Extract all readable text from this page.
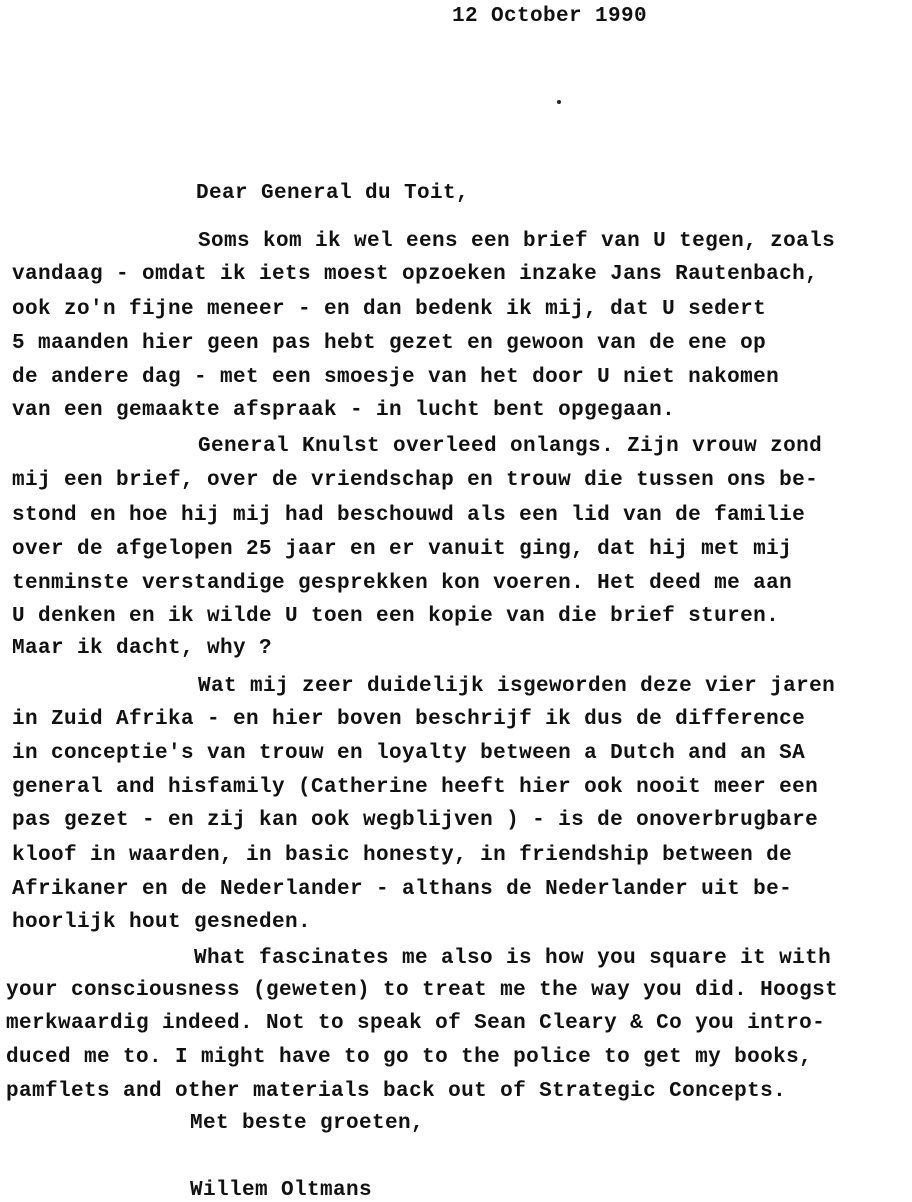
12 October 1990
Dear General du Toit,
Soms kom ik wel eens een brief van U tegen, zoals
vandaag - omdat ik iets moest opzoeken inzake Jans Rautenbach,
ook zo'n fijne meneer - en dan bedenk ik mij, dat U sedert
5 maanden hier geen pas hebt gezet en gewoon van de ene op
de andere dag - met een smoesje van het door U niet nakomen
van een gemaakte afspraak - in lucht bent opgegaan.
General Knulst overleed onlangs. Zijn vrouw zond
mij een brief, over de vriendschap en trouw die tussen ons be-
stond en hoe hij mij had beschouwd als een lid van de familie
over de afgelopen 25 jaar en er vanuit ging, dat hij met mij
tenminste verstandige gesprekken kon voeren. Het deed me aan
U denken en ik wilde U toen een kopie van die brief sturen.
Maar ik dacht, why ?
Wat mij zeer duidelijk isgeworden deze vier jaren
in Zuid Afrika - en hier boven beschrijf ik dus de difference
in conceptie's van trouw en loyalty between a Dutch and an SA
general and hisfamily (Catherine heeft hier ook nooit meer een
pas gezet - en zij kan ook wegblijven ) - is de onoverbrugbare
kloof in waarden, in basic honesty, in friendship between de
Afrikaner en de Nederlander - althans de Nederlander uit be-
hoorlijk hout gesneden.
What fascinates me also is how you square it with
your consciousness (geweten) to treat me the way you did. Hoogst
merkwaardig indeed. Not to speak of Sean Cleary & Co you intro-
duced me to. I might have to go to the police to get my books,
pamflets and other materials back out of Strategic Concepts.
Met beste groeten,
Willem Oltmans
